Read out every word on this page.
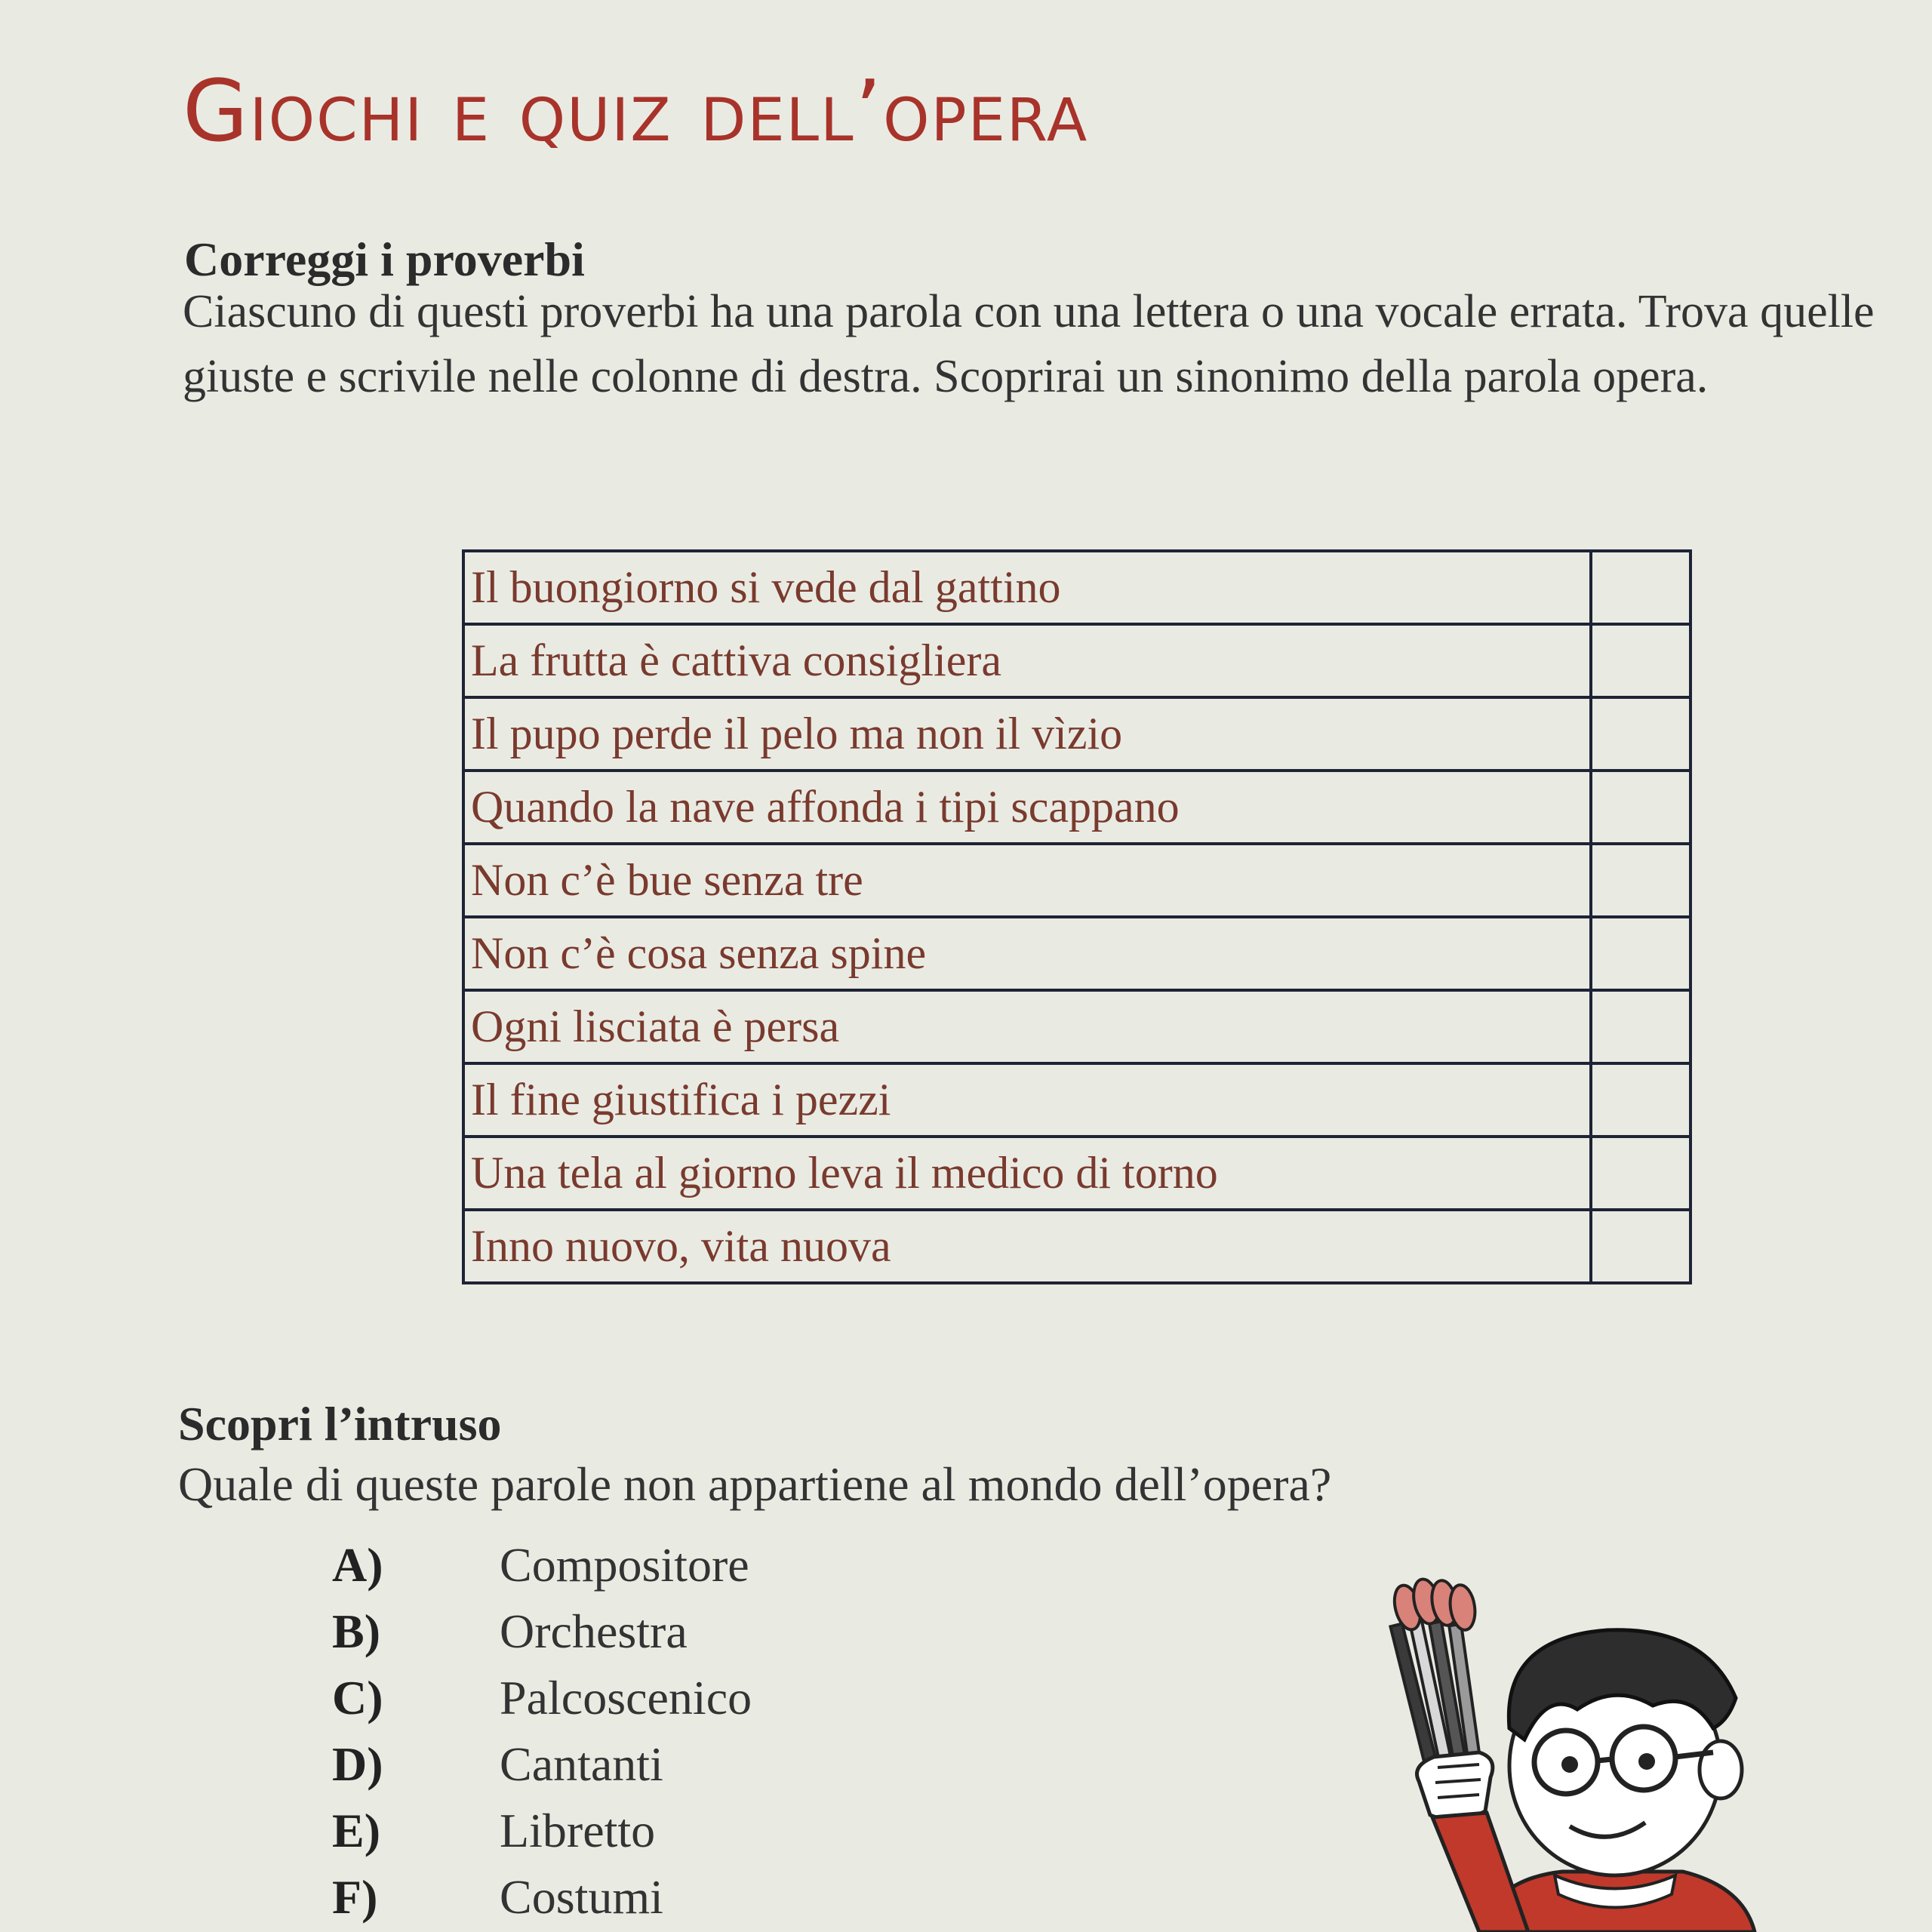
Giochi e quiz dell’opera
Correggi i proverbi

Ciascuno di questi proverbi ha una parola con una lettera o una vocale errata. Trova quelle giuste e scrivile nelle colonne di destra. Scoprirai un sinonimo della parola opera.

Il buongiorno si vede dal gattino	
La frutta è cattiva consigliera	
Il pupo perde il pelo ma non il vìzio	
Quando la nave affonda i tipi scappano	
Non c’è bue senza tre	
Non c’è cosa senza spine	
Ogni lisciata è persa	
Il fine giustifica i pezzi	
Una tela al giorno leva il medico di torno	
Inno nuovo, vita nuova	
Scopri l’intruso

Quale di queste parole non appartiene al mondo dell’opera?

A)	Compositore
B)	Orchestra
C)	Palcoscenico
D)	Cantanti
E)	Libretto
F)	Costumi
